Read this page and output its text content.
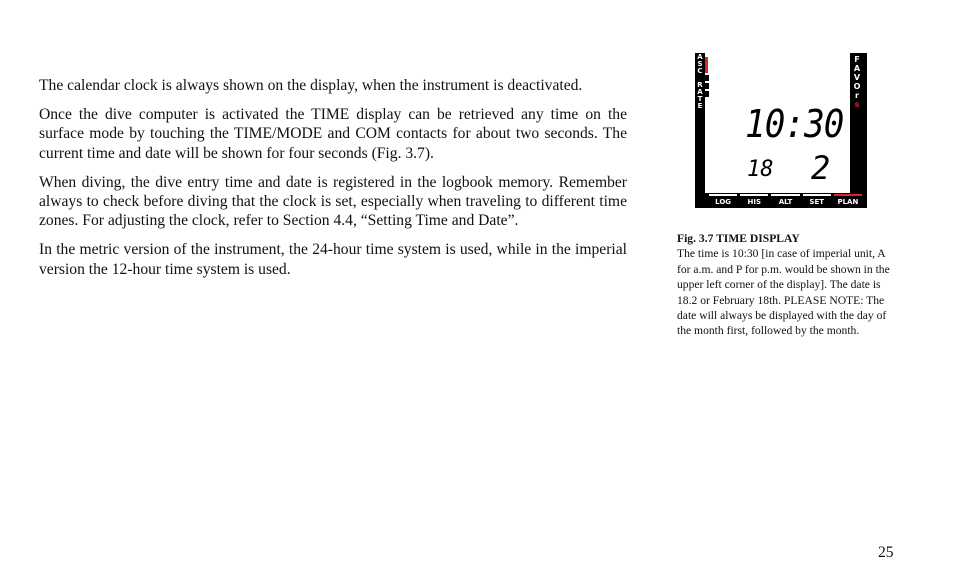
The calendar clock is always shown on the display, when the instrument is deactivated.

Once the dive computer is activated the TIME display can be retrieved any time on the surface mode by touching the TIME/MODE and COM contacts for about two seconds. The current time and date will be shown for four seconds (Fig. 3.7).

When diving, the dive entry time and date is registered in the logbook memory. Remember always to check before diving that the clock is set, especially when traveling to different time zones. For adjusting the clock, refer to Section 4.4, “Setting Time and Date”.

In the metric version of the instrument, the 24-hour time system is used, while in the imperial version the 12-hour time system is used.

A
S
C

R
A
T
E 10:30
18 2
F
A
V
O
r
s
LOG	HIS	ALT	SET	PLAN
Fig. 3.7 TIME DISPLAY
The time is 10:30 [in case of imperial unit, A for a.m. and P for p.m. would be shown in the upper left corner of the display]. The date is 18.2 or February 18th. PLEASE NOTE: The date will always be displayed with the day of the month first, followed by the month.
25
